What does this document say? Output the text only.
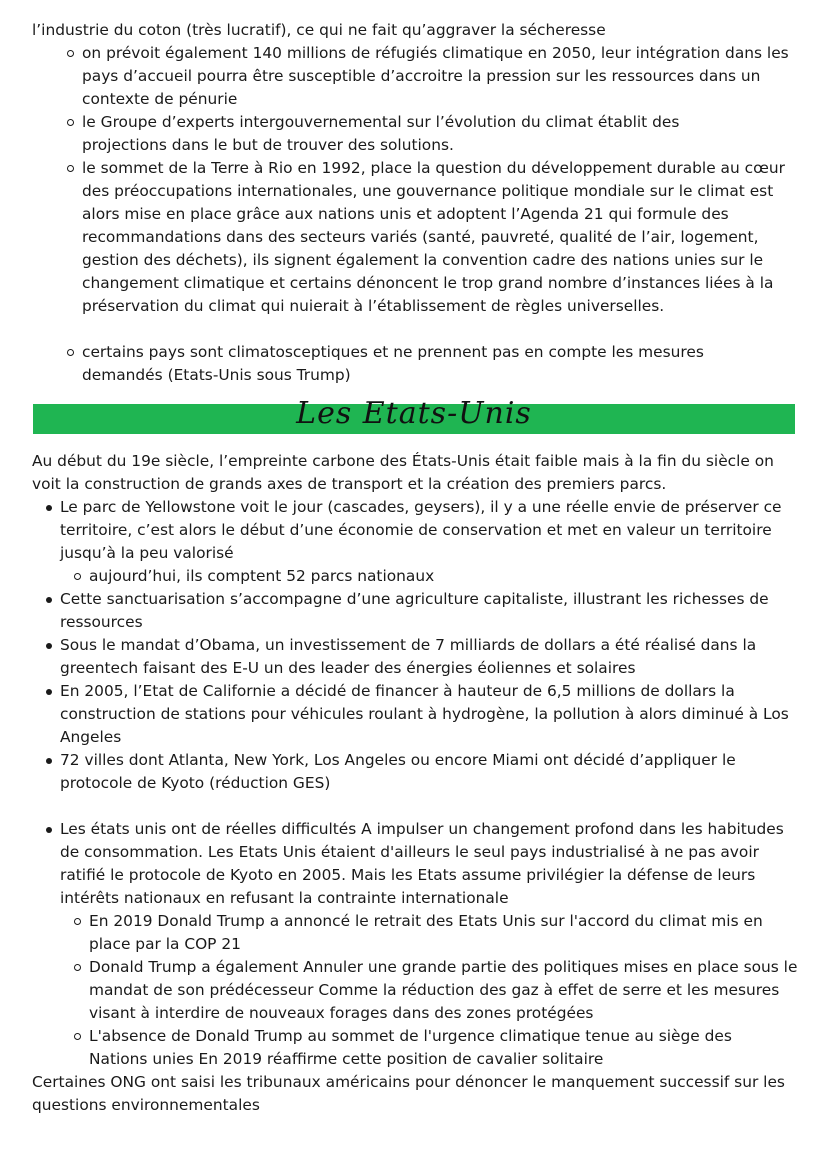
l’industrie du coton (très lucratif), ce qui ne fait qu’aggraver la sécheresse

on prévoit également 140 millions de réfugiés climatique en 2050, leur intégration dans les pays d’accueil pourra être susceptible d’accroitre la pression sur les ressources dans un contexte de pénurie
le Groupe d’experts intergouvernemental sur l’évolution du climat établit des projections dans le but de trouver des solutions.
le sommet de la Terre à Rio en 1992, place la question du développement durable au cœur des préoccupations internationales, une gouvernance politique mondiale sur le climat est alors mise en place grâce aux nations unis et adoptent l’Agenda 21 qui formule des recommandations dans des secteurs variés (santé, pauvreté, qualité de l’air, logement, gestion des déchets), ils signent également la convention cadre des nations unies sur le changement climatique et certains dénoncent le trop grand nombre d’instances liées à la préservation du climat qui nuierait à l’établissement de règles universelles.
certains pays sont climatosceptiques et ne prennent pas en compte les mesures demandés (Etats-Unis sous Trump)
Les Etats-Unis

Au début du 19e siècle, l’empreinte carbone des États-Unis était faible mais à la fin du siècle on voit la construction de grands axes de transport et la création des premiers parcs.

Le parc de Yellowstone voit le jour (cascades, geysers), il y a une réelle envie de préserver ce territoire, c’est alors le début d’une économie de conservation et met en valeur un territoire jusqu’à la peu valorisé
aujourd’hui, ils comptent 52 parcs nationaux
Cette sanctuarisation s’accompagne d’une agriculture capitaliste, illustrant les richesses de ressources
Sous le mandat d’Obama, un investissement de 7 milliards de dollars a été réalisé dans la greentech faisant des E-U un des leader des énergies éoliennes et solaires
En 2005, l’Etat de Californie a décidé de financer à hauteur de 6,5 millions de dollars la construction de stations pour véhicules roulant à hydrogène, la pollution à alors diminué à Los Angeles
72 villes dont Atlanta, New York, Los Angeles ou encore Miami ont décidé d’appliquer le protocole de Kyoto (réduction GES)
Les états unis ont de réelles difficultés A impulser un changement profond dans les habitudes de consommation. Les Etats Unis étaient d'ailleurs le seul pays industrialisé à ne pas avoir ratifié le protocole de Kyoto en 2005. Mais les Etats assume privilégier la défense de leurs intérêts nationaux en refusant la contrainte internationale
En 2019 Donald Trump a annoncé le retrait des Etats Unis sur l'accord du climat mis en place par la COP 21
Donald Trump a également Annuler une grande partie des politiques mises en place sous le mandat de son prédécesseur Comme la réduction des gaz à effet de serre et les mesures visant à interdire de nouveaux forages dans des zones protégées
L'absence de Donald Trump au sommet de l'urgence climatique tenue au siège des Nations unies En 2019 réaffirme cette position de cavalier solitaire

Certaines ONG ont saisi les tribunaux américains pour dénoncer le manquement successif sur les questions environnementales
